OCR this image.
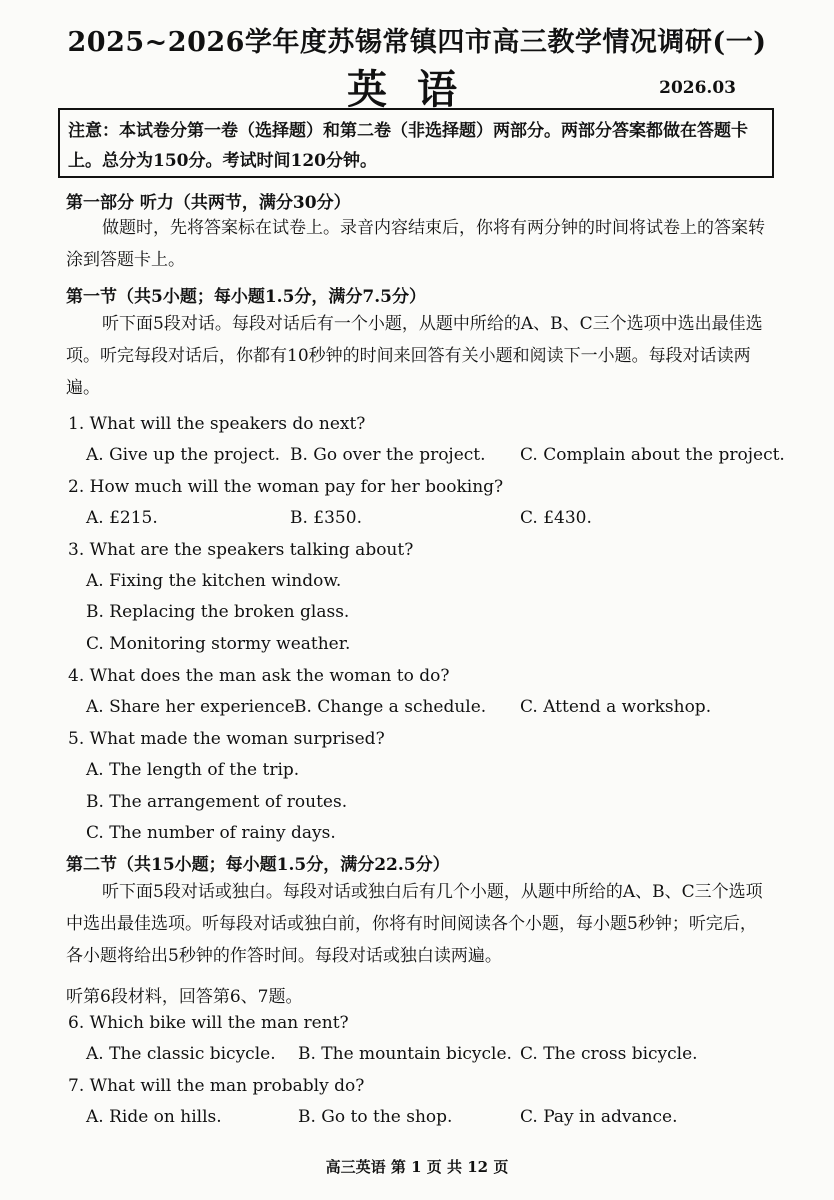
2025~2026学年度苏锡常镇四市高三教学情况调研(一)
英语	2026.03
注意：本试卷分第一卷（选择题）和第二卷（非选择题）两部分。两部分答案都做在答题卡上。总分为150分。考试时间120分钟。
第一部分 听力（共两节，满分30分）
做题时，先将答案标在试卷上。录音内容结束后，你将有两分钟的时间将试卷上的答案转涂到答题卡上。
第一节（共5小题；每小题1.5分，满分7.5分）
听下面5段对话。每段对话后有一个小题，从题中所给的A、B、C三个选项中选出最佳选项。听完每段对话后，你都有10秒钟的时间来回答有关小题和阅读下一小题。每段对话读两遍。
1. What will the speakers do next?
A. Give up the project. B. Go over the project. C. Complain about the project.
2. How much will the woman pay for her booking?
A. £215.	B. £350.	C. £430.
3. What are the speakers talking about?
A. Fixing the kitchen window.
B. Replacing the broken glass.
C. Monitoring stormy weather.
4. What does the man ask the woman to do?
A. Share her experience.
B. Change a schedule. C. Attend a workshop.
5. What made the woman surprised?
A. The length of the trip.
B. The arrangement of routes.
C. The number of rainy days.
第二节（共15小题；每小题1.5分，满分22.5分）
听下面5段对话或独白。每段对话或独白后有几个小题，从题中所给的A、B、C三个选项中选出最佳选项。听每段对话或独白前，你将有时间阅读各个小题，每小题5秒钟；听完后，各小题将给出5秒钟的作答时间。每段对话或独白读两遍。
听第6段材料，回答第6、7题。
6. Which bike will the man rent?
A. The classic bicycle. B. The mountain bicycle. C. The cross bicycle.
7. What will the man probably do?
A. Ride on hills.	B. Go to the shop.	C. Pay in advance.
高三英语 第 1 页 共 12 页
